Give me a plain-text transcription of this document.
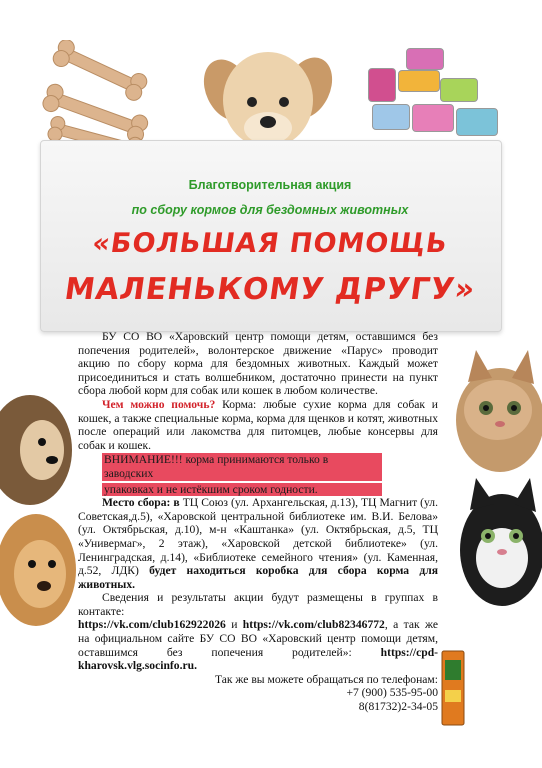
Благотворительная акция
по сбору кормов для бездомных животных
«БОЛЬШАЯ ПОМОЩЬ
МАЛЕНЬКОМУ ДРУГУ»

БУ СО ВО «Харовский центр помощи детям, оставшимся без попечения родителей», волонтерское движение «Парус» проводит акцию по сбору корма для бездомных животных. Каждый может присоединиться и стать волшебником, достаточно принести на пункт сбора любой корм для собак или кошек в любом количестве.

Чем можно помочь? Корма: любые сухие корма для собак и кошек, а также специальные корма, корма для щенков и котят, животных после операций или лакомства для питомцев, любые консервы для собак и кошек.

ВНИМАНИЕ!!! корма принимаются только в заводских
упаковках и не истёкшим сроком годности.

Место сбора: в ТЦ Союз (ул. Архангельская, д.13), ТЦ Магнит (ул. Советская,д.5), «Харовской центральной библиотеке им. В.И. Белова» (ул. Октябрьская, д.10), м-н «Каштанка» (ул. Октябрьская, д.5, ТЦ «Универмаг», 2 этаж), «Харовской детской библиотеке» (ул. Ленинградская, д.14), «Библиотеке семейного чтения» (ул. Каменная, д.52, ЛДК) будет находиться коробка для сбора корма для животных.

Сведения и результаты акции будут размещены в группах в контакте:

https://vk.com/club162922026 и https://vk.com/club82346772, а так же на официальном сайте БУ СО ВО «Харовский центр помощи детям, оставшимся без попечения родителей»: https://cpd-kharovsk.vlg.socinfo.ru.

Так же вы можете обращаться по телефонам:

+7 (900) 535-95-00

8(81732)2-34-05
